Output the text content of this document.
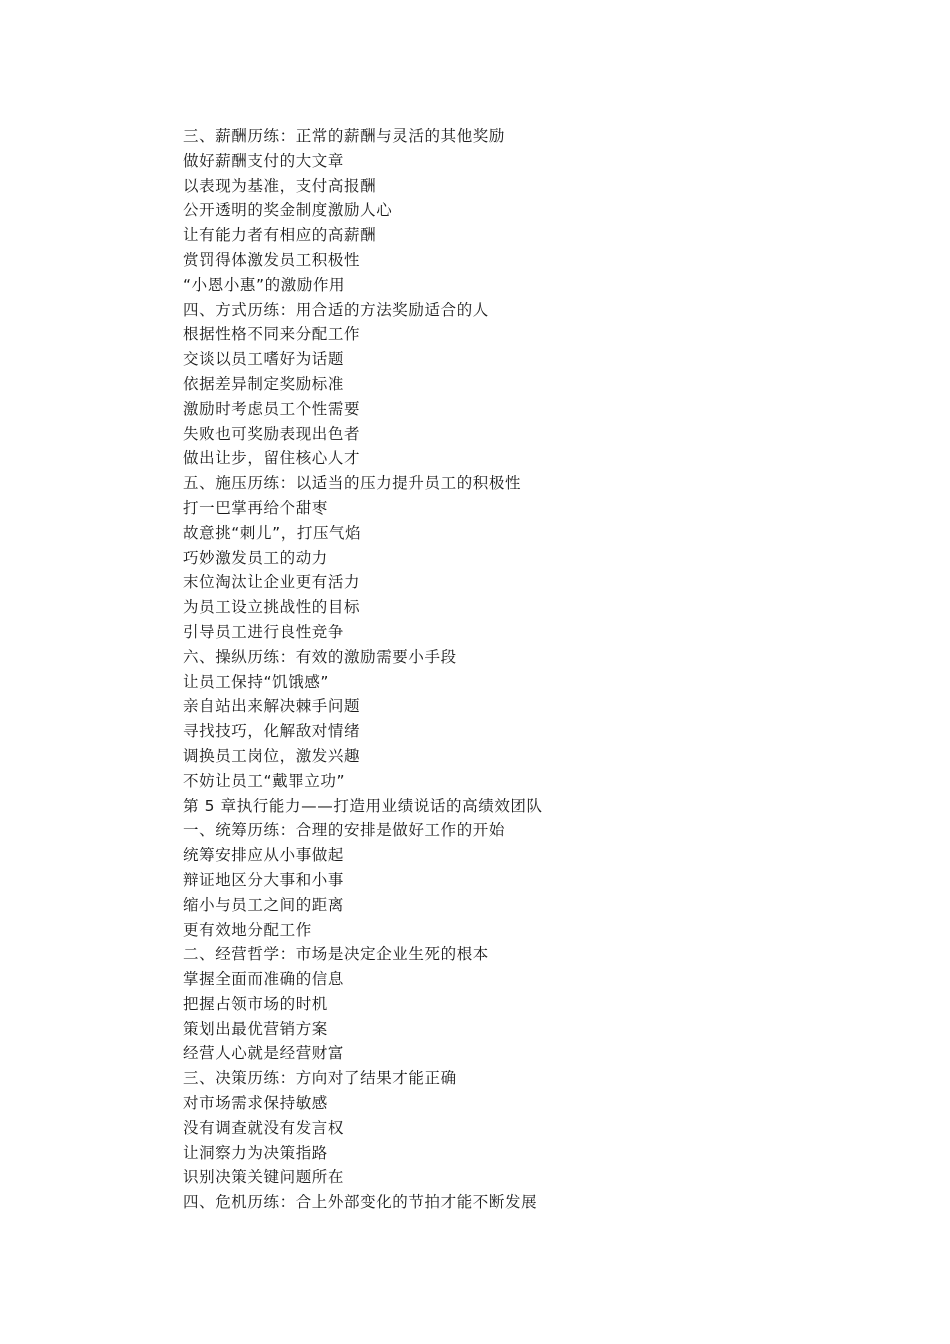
三、薪酬历练：正常的薪酬与灵活的其他奖励
做好薪酬支付的大文章
以表现为基准，支付高报酬
公开透明的奖金制度激励人心
让有能力者有相应的高薪酬
赏罚得体激发员工积极性
“小恩小惠”的激励作用
四、方式历练：用合适的方法奖励适合的人
根据性格不同来分配工作
交谈以员工嗜好为话题
依据差异制定奖励标准
激励时考虑员工个性需要
失败也可奖励表现出色者
做出让步，留住核心人才
五、施压历练：以适当的压力提升员工的积极性
打一巴掌再给个甜枣
故意挑“刺儿”，打压气焰
巧妙激发员工的动力
末位淘汰让企业更有活力
为员工设立挑战性的目标
引导员工进行良性竞争
六、操纵历练：有效的激励需要小手段
让员工保持“饥饿感”
亲自站出来解决棘手问题
寻找技巧，化解敌对情绪
调换员工岗位，激发兴趣
不妨让员工“戴罪立功”
第 5 章执行能力——打造用业绩说话的高绩效团队
一、统筹历练：合理的安排是做好工作的开始
统筹安排应从小事做起
辩证地区分大事和小事
缩小与员工之间的距离
更有效地分配工作
二、经营哲学：市场是决定企业生死的根本
掌握全面而准确的信息
把握占领市场的时机
策划出最优营销方案
经营人心就是经营财富
三、决策历练：方向对了结果才能正确
对市场需求保持敏感
没有调查就没有发言权
让洞察力为决策指路
识别决策关键问题所在
四、危机历练：合上外部变化的节拍才能不断发展
